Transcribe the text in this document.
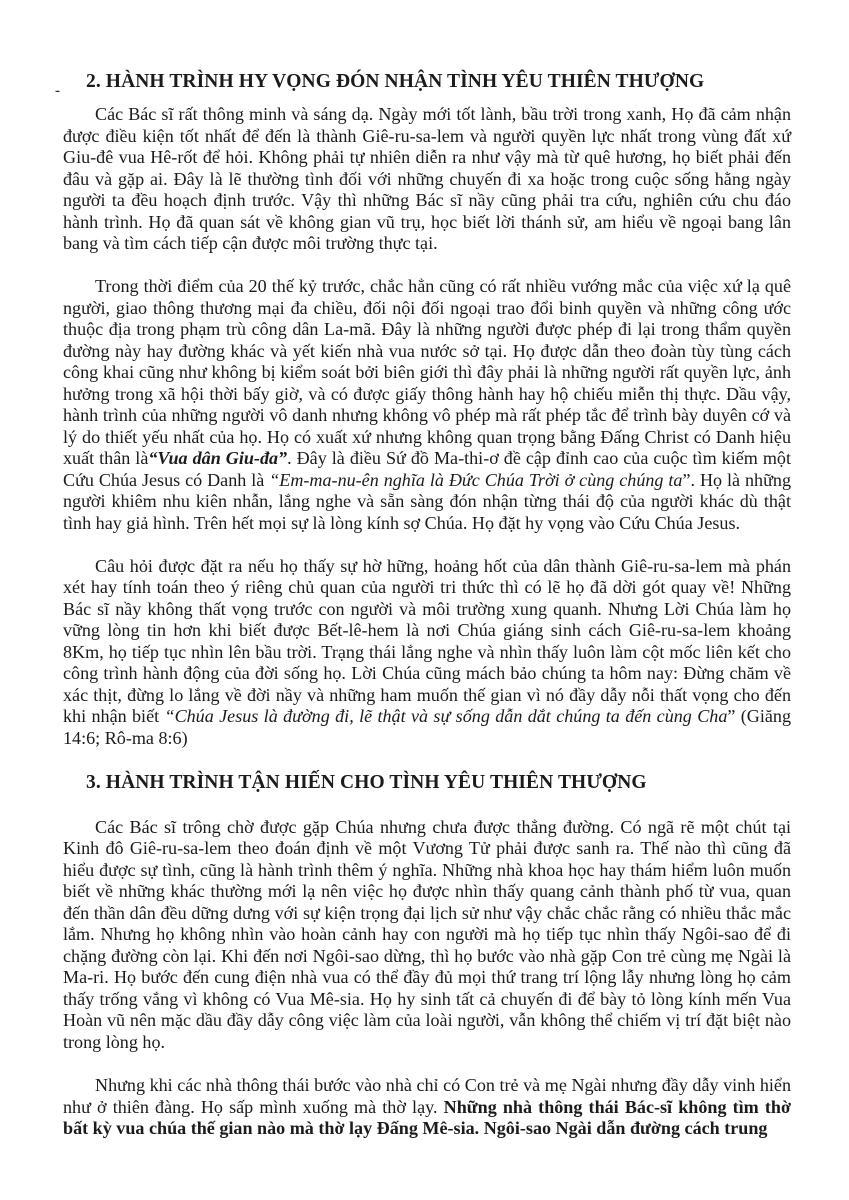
- 2. HÀNH TRÌNH HY VỌNG ĐÓN NHẬN TÌNH YÊU THIÊN THƯỢNG

Các Bác sĩ rất thông minh và sáng dạ. Ngày mới tốt lành, bầu trời trong xanh, Họ đã cảm nhận được điều kiện tốt nhất để đến là thành Giê-ru-sa-lem và người quyền lực nhất trong vùng đất xứ Giu-đê vua Hê-rốt để hỏi. Không phải tự nhiên diễn ra như vậy mà từ quê hương, họ biết phải đến đâu và gặp ai. Đây là lẽ thường tình đối với những chuyến đi xa hoặc trong cuộc sống hằng ngày người ta đều hoạch định trước. Vậy thì những Bác sĩ nầy cũng phải tra cứu, nghiên cứu chu đáo hành trình. Họ đã quan sát về không gian vũ trụ, học biết lời thánh sử, am hiểu về ngoại bang lân bang và tìm cách tiếp cận được môi trường thực tại.

Trong thời điểm của 20 thế kỷ trước, chắc hẳn cũng có rất nhiều vướng mắc của việc xứ lạ quê người, giao thông thương mại đa chiều, đối nội đối ngoại trao đổi binh quyền và những công ước thuộc địa trong phạm trù công dân La-mã. Đây là những người được phép đi lại trong thẩm quyền đường này hay đường khác và yết kiến nhà vua nước sở tại. Họ được dẫn theo đoàn tùy tùng cách công khai cũng như không bị kiểm soát bởi biên giới thì đây phải là những người rất quyền lực, ảnh hưởng trong xã hội thời bấy giờ, và có được giấy thông hành hay hộ chiếu miễn thị thực. Dầu vậy, hành trình của những người vô danh nhưng không vô phép mà rất phép tắc để trình bày duyên cớ và lý do thiết yếu nhất của họ. Họ có xuất xứ nhưng không quan trọng bằng Đấng Christ có Danh hiệu xuất thân là“Vua dân Giu-đa”. Đây là điều Sứ đồ Ma-thi-ơ đề cập đỉnh cao của cuộc tìm kiếm một Cứu Chúa Jesus có Danh là “Em-ma-nu-ên nghĩa là Đức Chúa Trời ở cùng chúng ta”. Họ là những người khiêm nhu kiên nhẫn, lắng nghe và sẵn sàng đón nhận từng thái độ của người khác dù thật tình hay giả hình. Trên hết mọi sự là lòng kính sợ Chúa. Họ đặt hy vọng vào Cứu Chúa Jesus.

Câu hỏi được đặt ra nếu họ thấy sự hờ hững, hoảng hốt của dân thành Giê-ru-sa-lem mà phán xét hay tính toán theo ý riêng chủ quan của người tri thức thì có lẽ họ đã dời gót quay về! Những Bác sĩ nầy không thất vọng trước con người và môi trường xung quanh. Nhưng Lời Chúa làm họ vững lòng tin hơn khi biết được Bết-lê-hem là nơi Chúa giáng sinh cách Giê-ru-sa-lem khoảng 8Km, họ tiếp tục nhìn lên bầu trời. Trạng thái lắng nghe và nhìn thấy luôn làm cột mốc liên kết cho công trình hành động của đời sống họ. Lời Chúa cũng mách bảo chúng ta hôm nay: Đừng chăm về xác thịt, đừng lo lắng về đời nầy và những ham muốn thế gian vì nó đầy dẫy nỗi thất vọng cho đến khi nhận biết “Chúa Jesus là đường đi, lẽ thật và sự sống dẫn dắt chúng ta đến cùng Cha” (Giăng 14:6; Rô-ma 8:6)

3. HÀNH TRÌNH TẬN HIẾN CHO TÌNH YÊU THIÊN THƯỢNG

Các Bác sĩ trông chờ được gặp Chúa nhưng chưa được thẳng đường. Có ngã rẽ một chút tại Kinh đô Giê-ru-sa-lem theo đoán định về một Vương Tử phải được sanh ra. Thế nào thì cũng đã hiểu được sự tình, cũng là hành trình thêm ý nghĩa. Những nhà khoa học hay thám hiểm luôn muốn biết về những khác thường mới lạ nên việc họ được nhìn thấy quang cảnh thành phố từ vua, quan đến thần dân đều dững dưng với sự kiện trọng đại lịch sử như vậy chắc chắc rằng có nhiều thắc mắc lắm. Nhưng họ không nhìn vào hoàn cảnh hay con người mà họ tiếp tục nhìn thấy Ngôi-sao để đi chặng đường còn lại. Khi đến nơi Ngôi-sao dừng, thì họ bước vào nhà gặp Con trẻ cùng mẹ Ngài là Ma-ri. Họ bước đến cung điện nhà vua có thể đầy đủ mọi thứ trang trí lộng lẫy nhưng lòng họ cảm thấy trống vắng vì không có Vua Mê-sia. Họ hy sinh tất cả chuyến đi để bày tỏ lòng kính mến Vua Hoàn vũ nên mặc dầu đầy dẫy công việc làm của loài người, vẫn không thể chiếm vị trí đặt biệt nào trong lòng họ.

Nhưng khi các nhà thông thái bước vào nhà chỉ có Con trẻ và mẹ Ngài nhưng đầy dẫy vinh hiển như ở thiên đàng. Họ sấp mình xuống mà thờ lạy. Những nhà thông thái Bác-sĩ không tìm thờ bất kỳ vua chúa thế gian nào mà thờ lạy Đấng Mê-sia. Ngôi-sao Ngài dẫn đường cách trung
